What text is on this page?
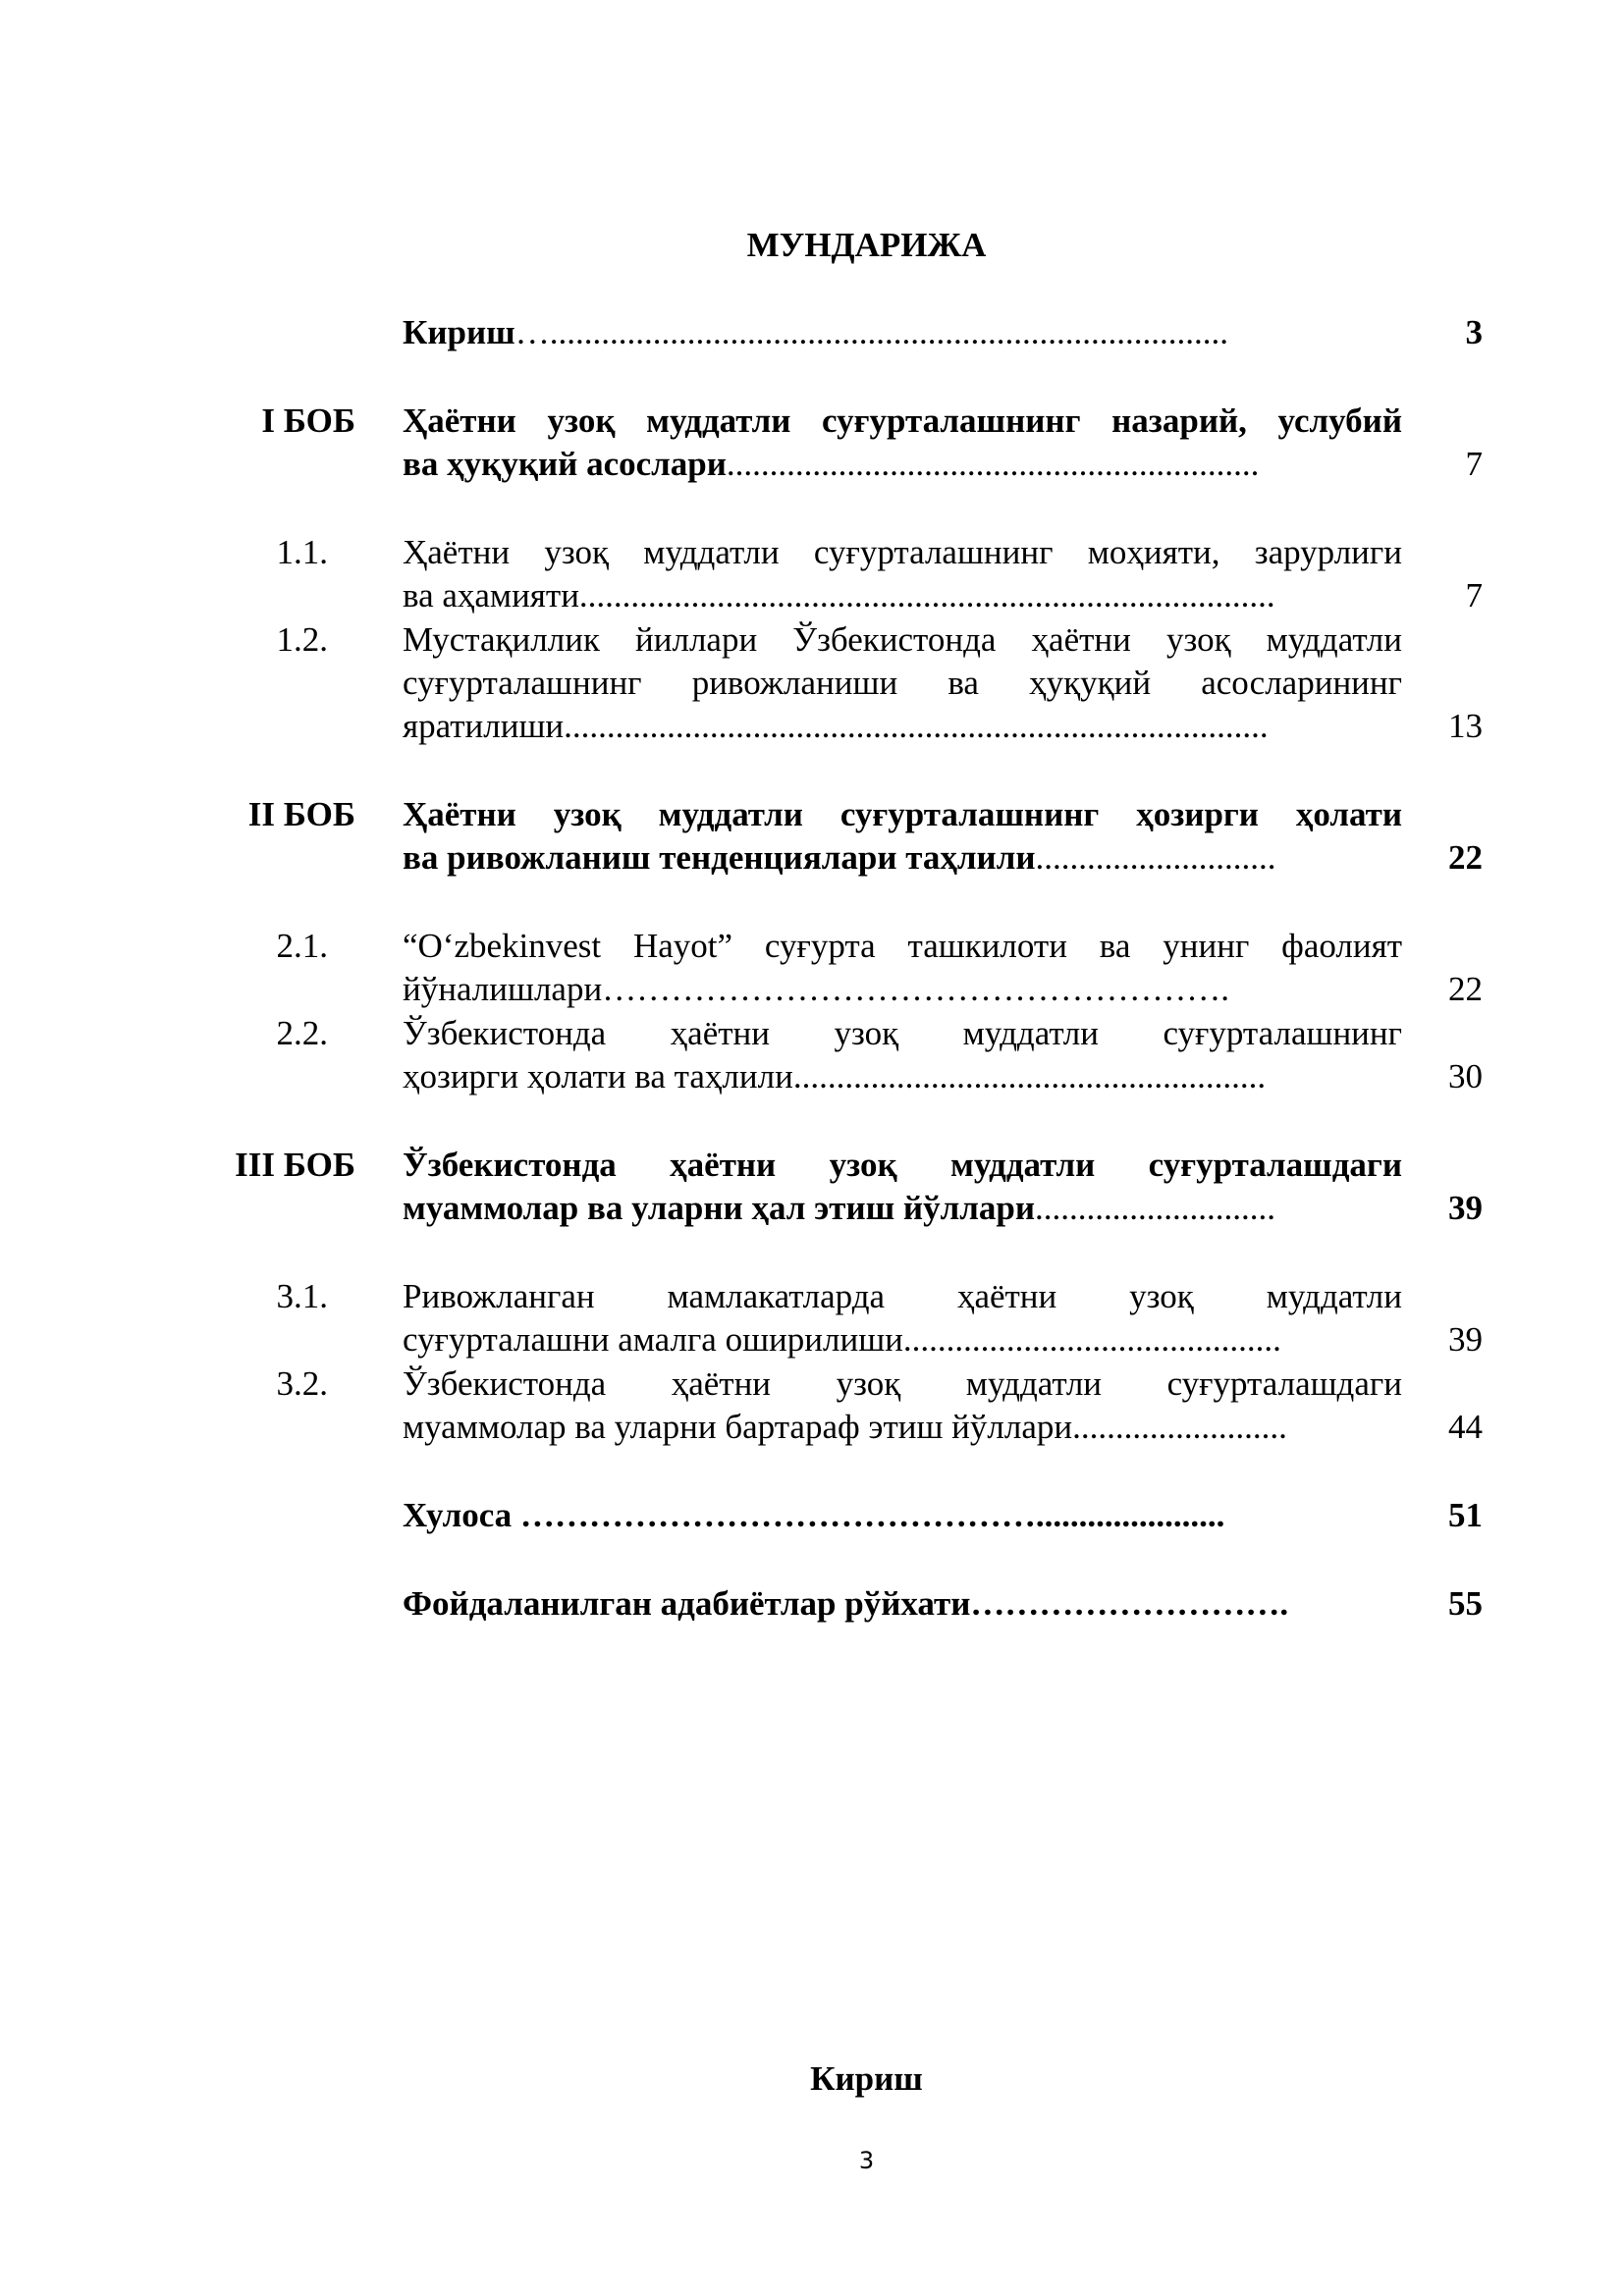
МУНДАРИЖА
Кириш…...............................................................................	3
I БОБ Ҳаётни узоқ муддатли суғурталашнинг назарий, услубий
ва ҳуқуқий асослари..............................................................	7
1.1. Ҳаётни узоқ муддатли суғурталашнинг моҳияти, зарурлиги
ва аҳамияти.................................................................................	7
1.2. Мустақиллик йиллари Ўзбекистонда ҳаётни узоқ муддатли
суғурталашнинг ривожланиши ва ҳуқуқий асосларининг
яратилиши..................................................................................	13
II БОБ Ҳаётни узоқ муддатли суғурталашнинг ҳозирги ҳолати
ва ривожланиш тенденциялари таҳлили............................	22
2.1. “O‘zbekinvest Hayot” суғурта ташкилоти ва унинг фаолият
йўналишлари……………………………………………….	22
2.2. Ўзбекистонда ҳаётни узоқ муддатли суғурталашнинг
ҳозирги ҳолати ва таҳлили.......................................................	30
III БОБ Ўзбекистонда ҳаётни узоқ муддатли суғурталашдаги
муаммолар ва уларни ҳал этиш йўллари............................	39
3.1. Ривожланган мамлакатларда ҳаётни узоқ муддатли
суғурталашни амалга оширилиши............................................	39
3.2. Ўзбекистонда ҳаётни узоқ муддатли суғурталашдаги
муаммолар ва уларни бартараф этиш йўллари.........................	44
Хулоса ………………………………………......................	51
Фойдаланилган адабиётлар рўйхати……………………….	55
Кириш
3
